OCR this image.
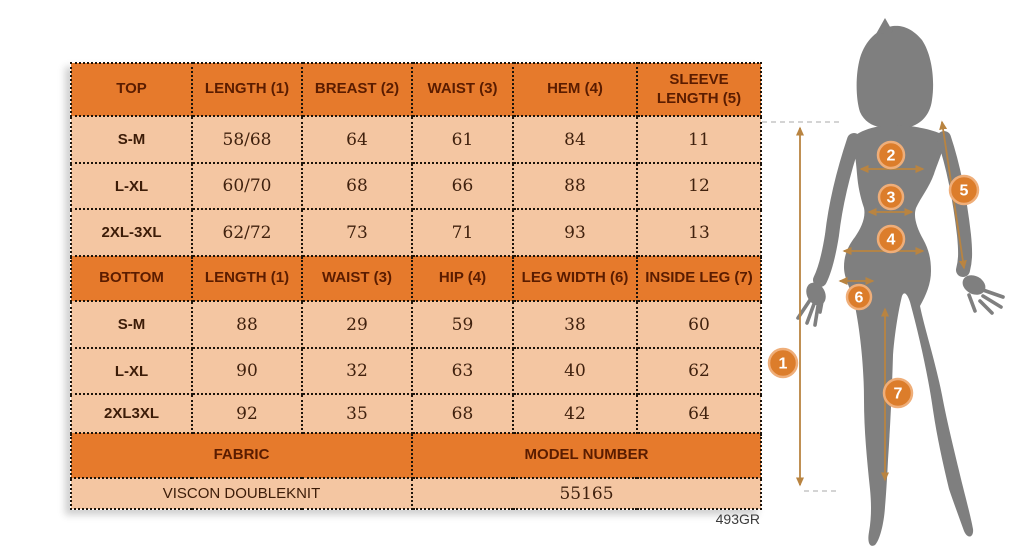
TOP	LENGTH (1)	BREAST (2)	WAIST (3)	HEM (4)	SLEEVE LENGTH (5)
S-M	58/68	64	61	84	11
L-XL	60/70	68	66	88	12
2XL-3XL	62/72	73	71	93	13
BOTTOM	LENGTH (1)	WAIST (3)	HIP (4)	LEG WIDTH (6)	INSIDE LEG (7)
S-M	88	29	59	38	60
L-XL	90	32	63	40	62
2XL3XL	92	35	68	42	64
FABRIC			MODEL NUMBER		
VISCON DOUBLEKNIT			55165		
493GR
1
2
3
4
5
6
7
